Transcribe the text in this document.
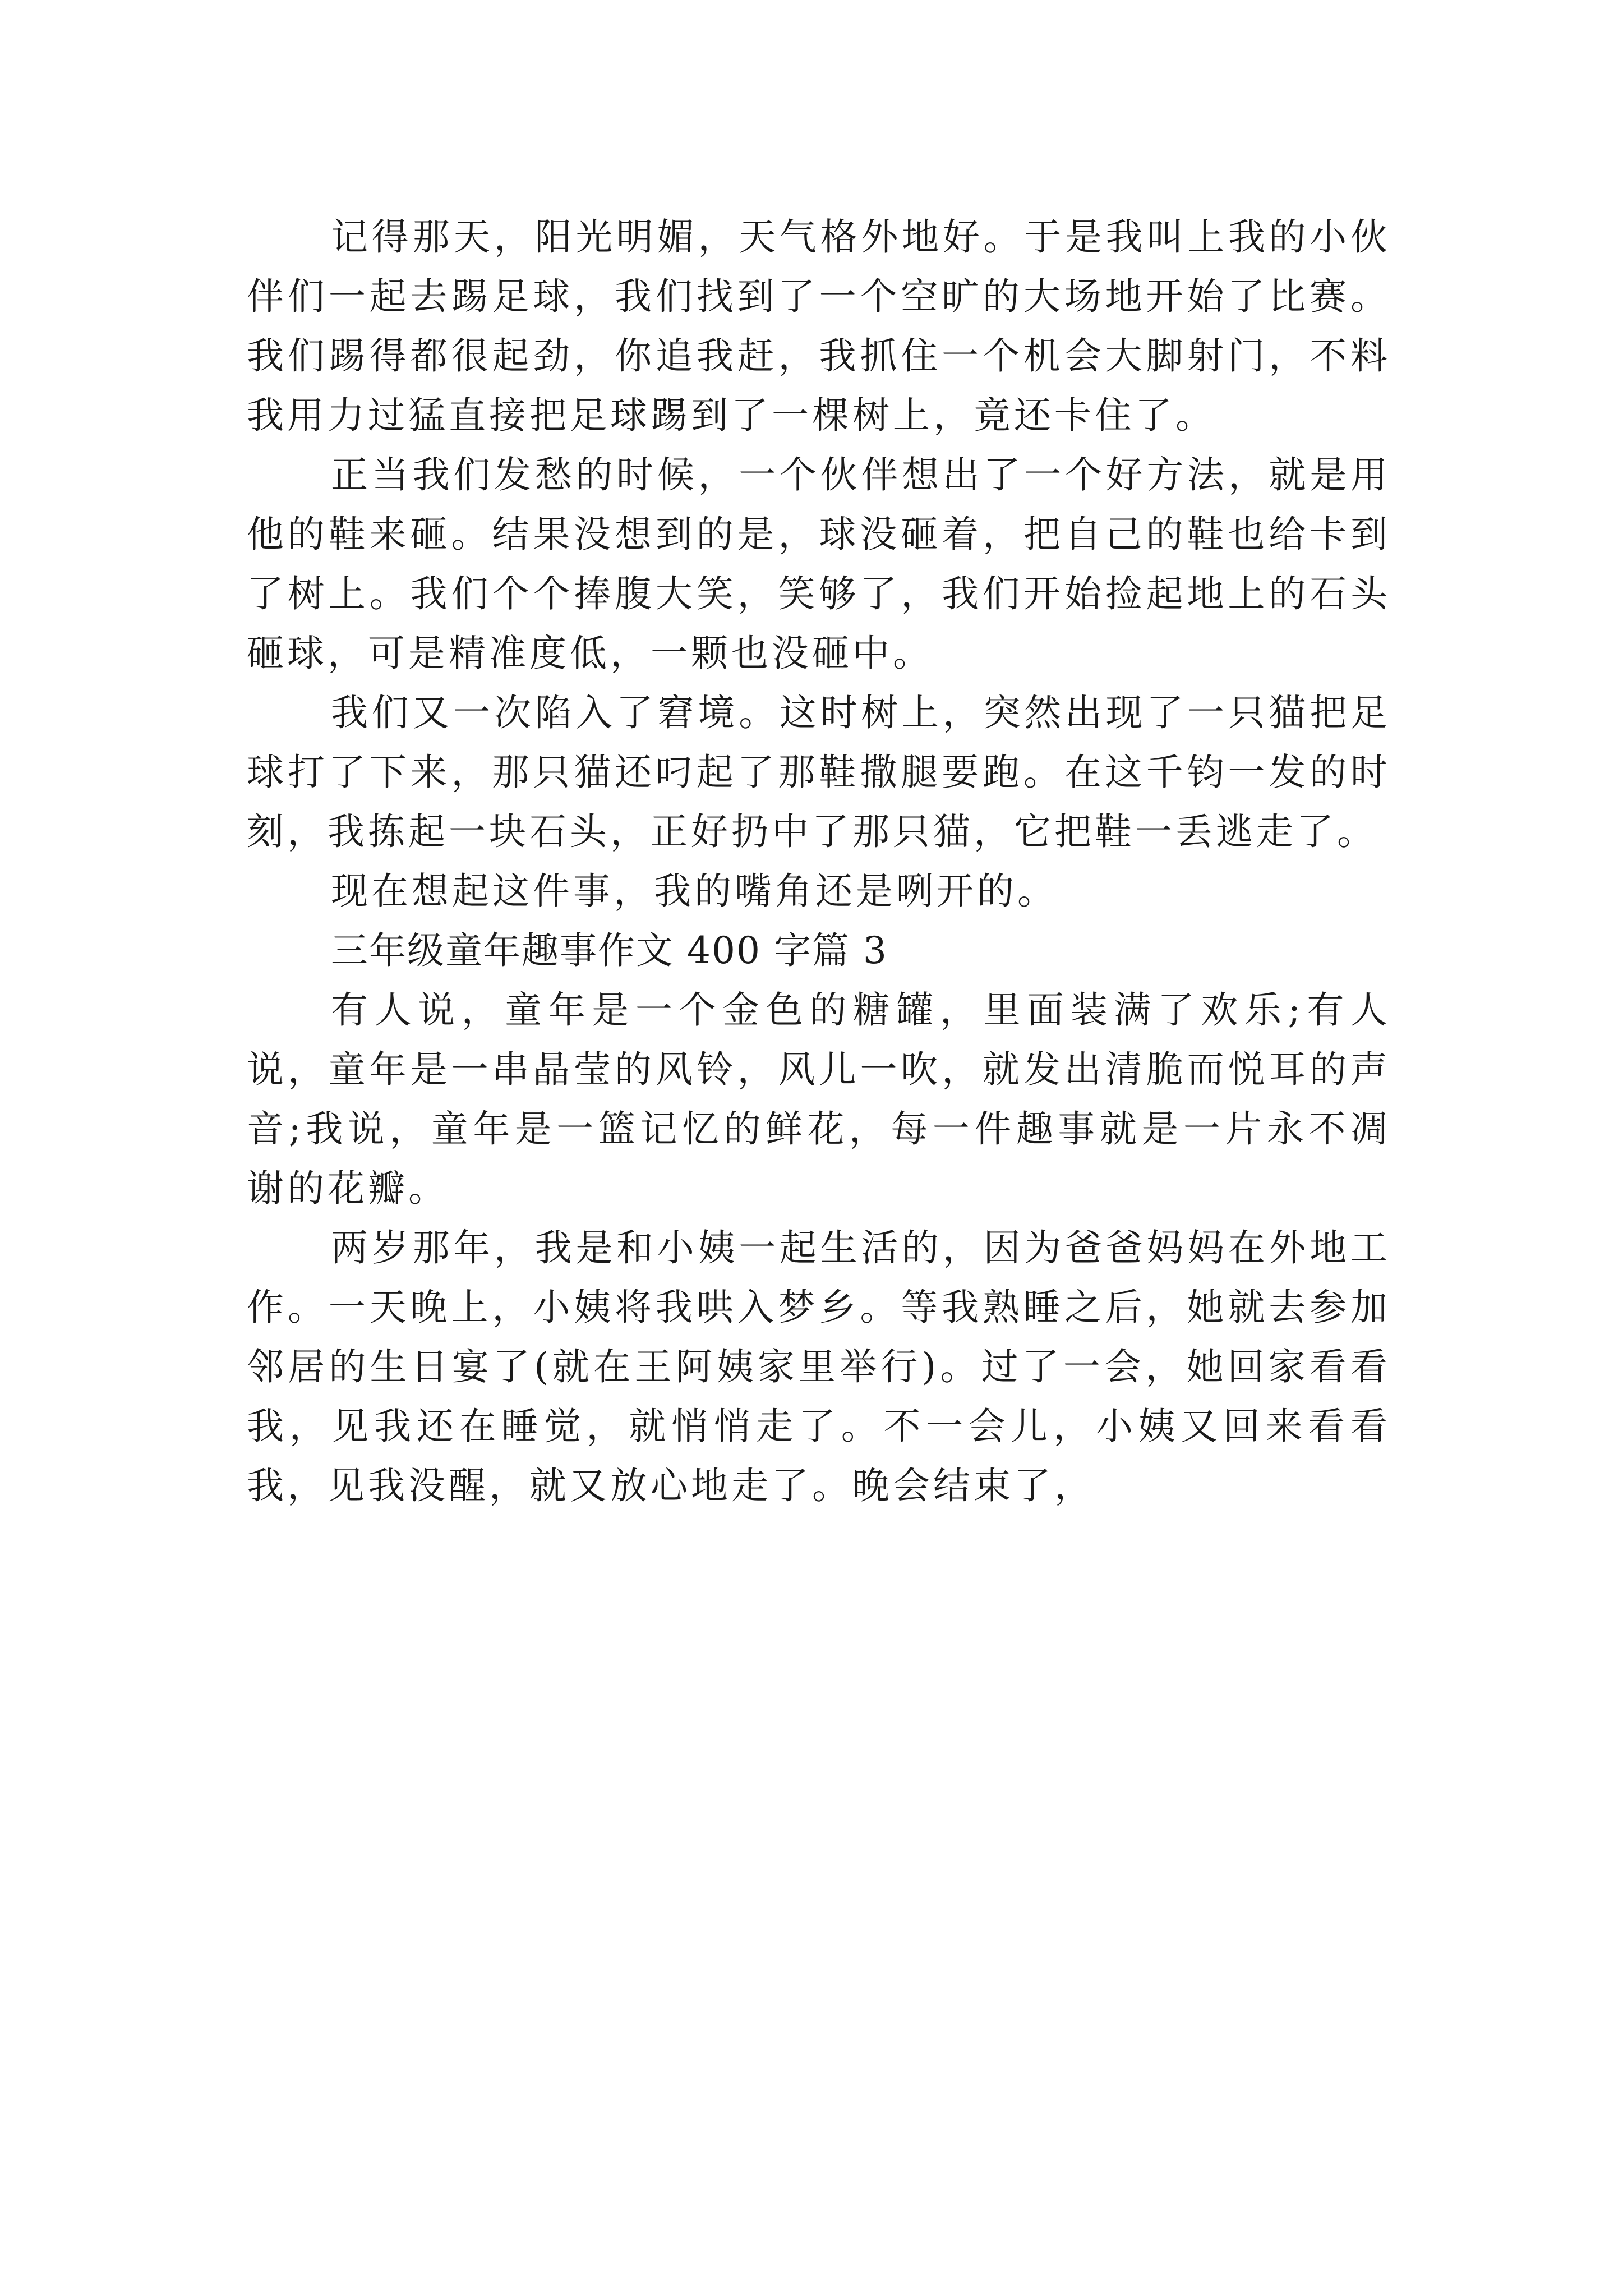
记得那天，阳光明媚，天气格外地好。于是我叫上我的小伙伴们一起去踢足球，我们找到了一个空旷的大场地开始了比赛。我们踢得都很起劲，你追我赶，我抓住一个机会大脚射门，不料我用力过猛直接把足球踢到了一棵树上，竟还卡住了。

正当我们发愁的时候，一个伙伴想出了一个好方法，就是用他的鞋来砸。结果没想到的是，球没砸着，把自己的鞋也给卡到了树上。我们个个捧腹大笑，笑够了，我们开始捡起地上的石头砸球，可是精准度低，一颗也没砸中。

我们又一次陷入了窘境。这时树上，突然出现了一只猫把足球打了下来，那只猫还叼起了那鞋撒腿要跑。在这千钧一发的时刻，我拣起一块石头，正好扔中了那只猫，它把鞋一丢逃走了。

现在想起这件事，我的嘴角还是咧开的。

三年级童年趣事作文 400 字篇 3

有人说，童年是一个金色的糖罐，里面装满了欢乐;有人说，童年是一串晶莹的风铃，风儿一吹，就发出清脆而悦耳的声音;我说，童年是一篮记忆的鲜花，每一件趣事就是一片永不凋谢的花瓣。

两岁那年，我是和小姨一起生活的，因为爸爸妈妈在外地工作。一天晚上，小姨将我哄入梦乡。等我熟睡之后，她就去参加邻居的生日宴了(就在王阿姨家里举行)。过了一会，她回家看看我，见我还在睡觉，就悄悄走了。不一会儿，小姨又回来看看我，见我没醒，就又放心地走了。晚会结束了，
